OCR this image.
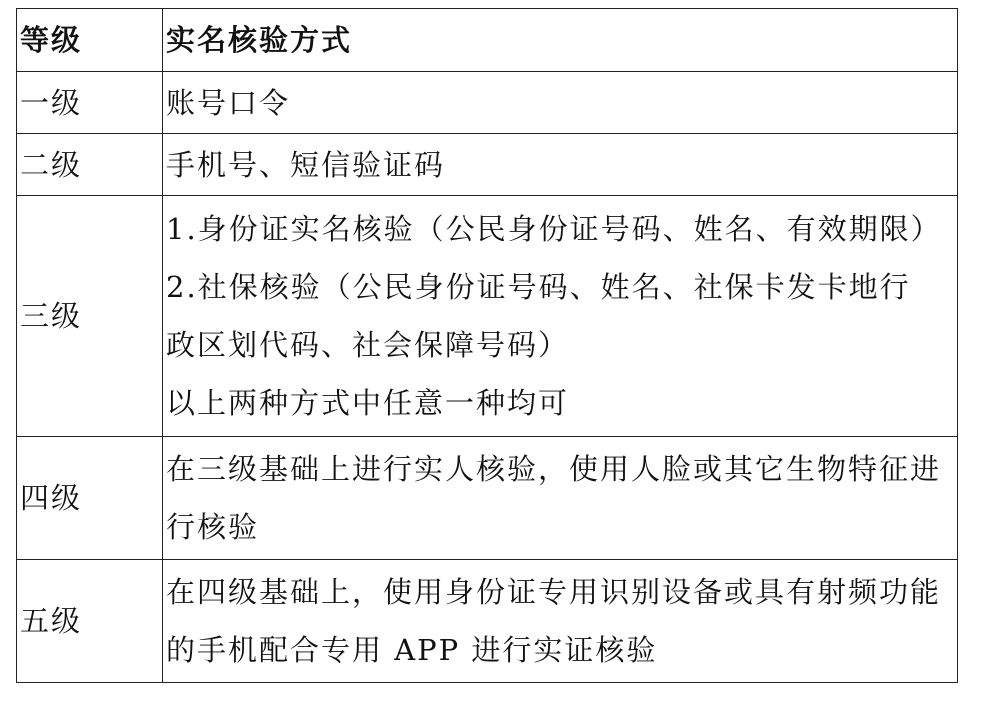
等级	实名核验方式
一级	账号口令

二级	手机号、短信验证码

三级	1.身份证实名核验（公民身份证号码、姓名、有效期限）
2.社保核验（公民身份证号码、姓名、社保卡发卡地行
政区划代码、社会保障号码）
以上两种方式中任意一种均可

四级	在三级基础上进行实人核验，使用人脸或其它生物特征进
行核验

五级	在四级基础上，使用身份证专用识别设备或具有射频功能
的手机配合专用 APP 进行实证核验
